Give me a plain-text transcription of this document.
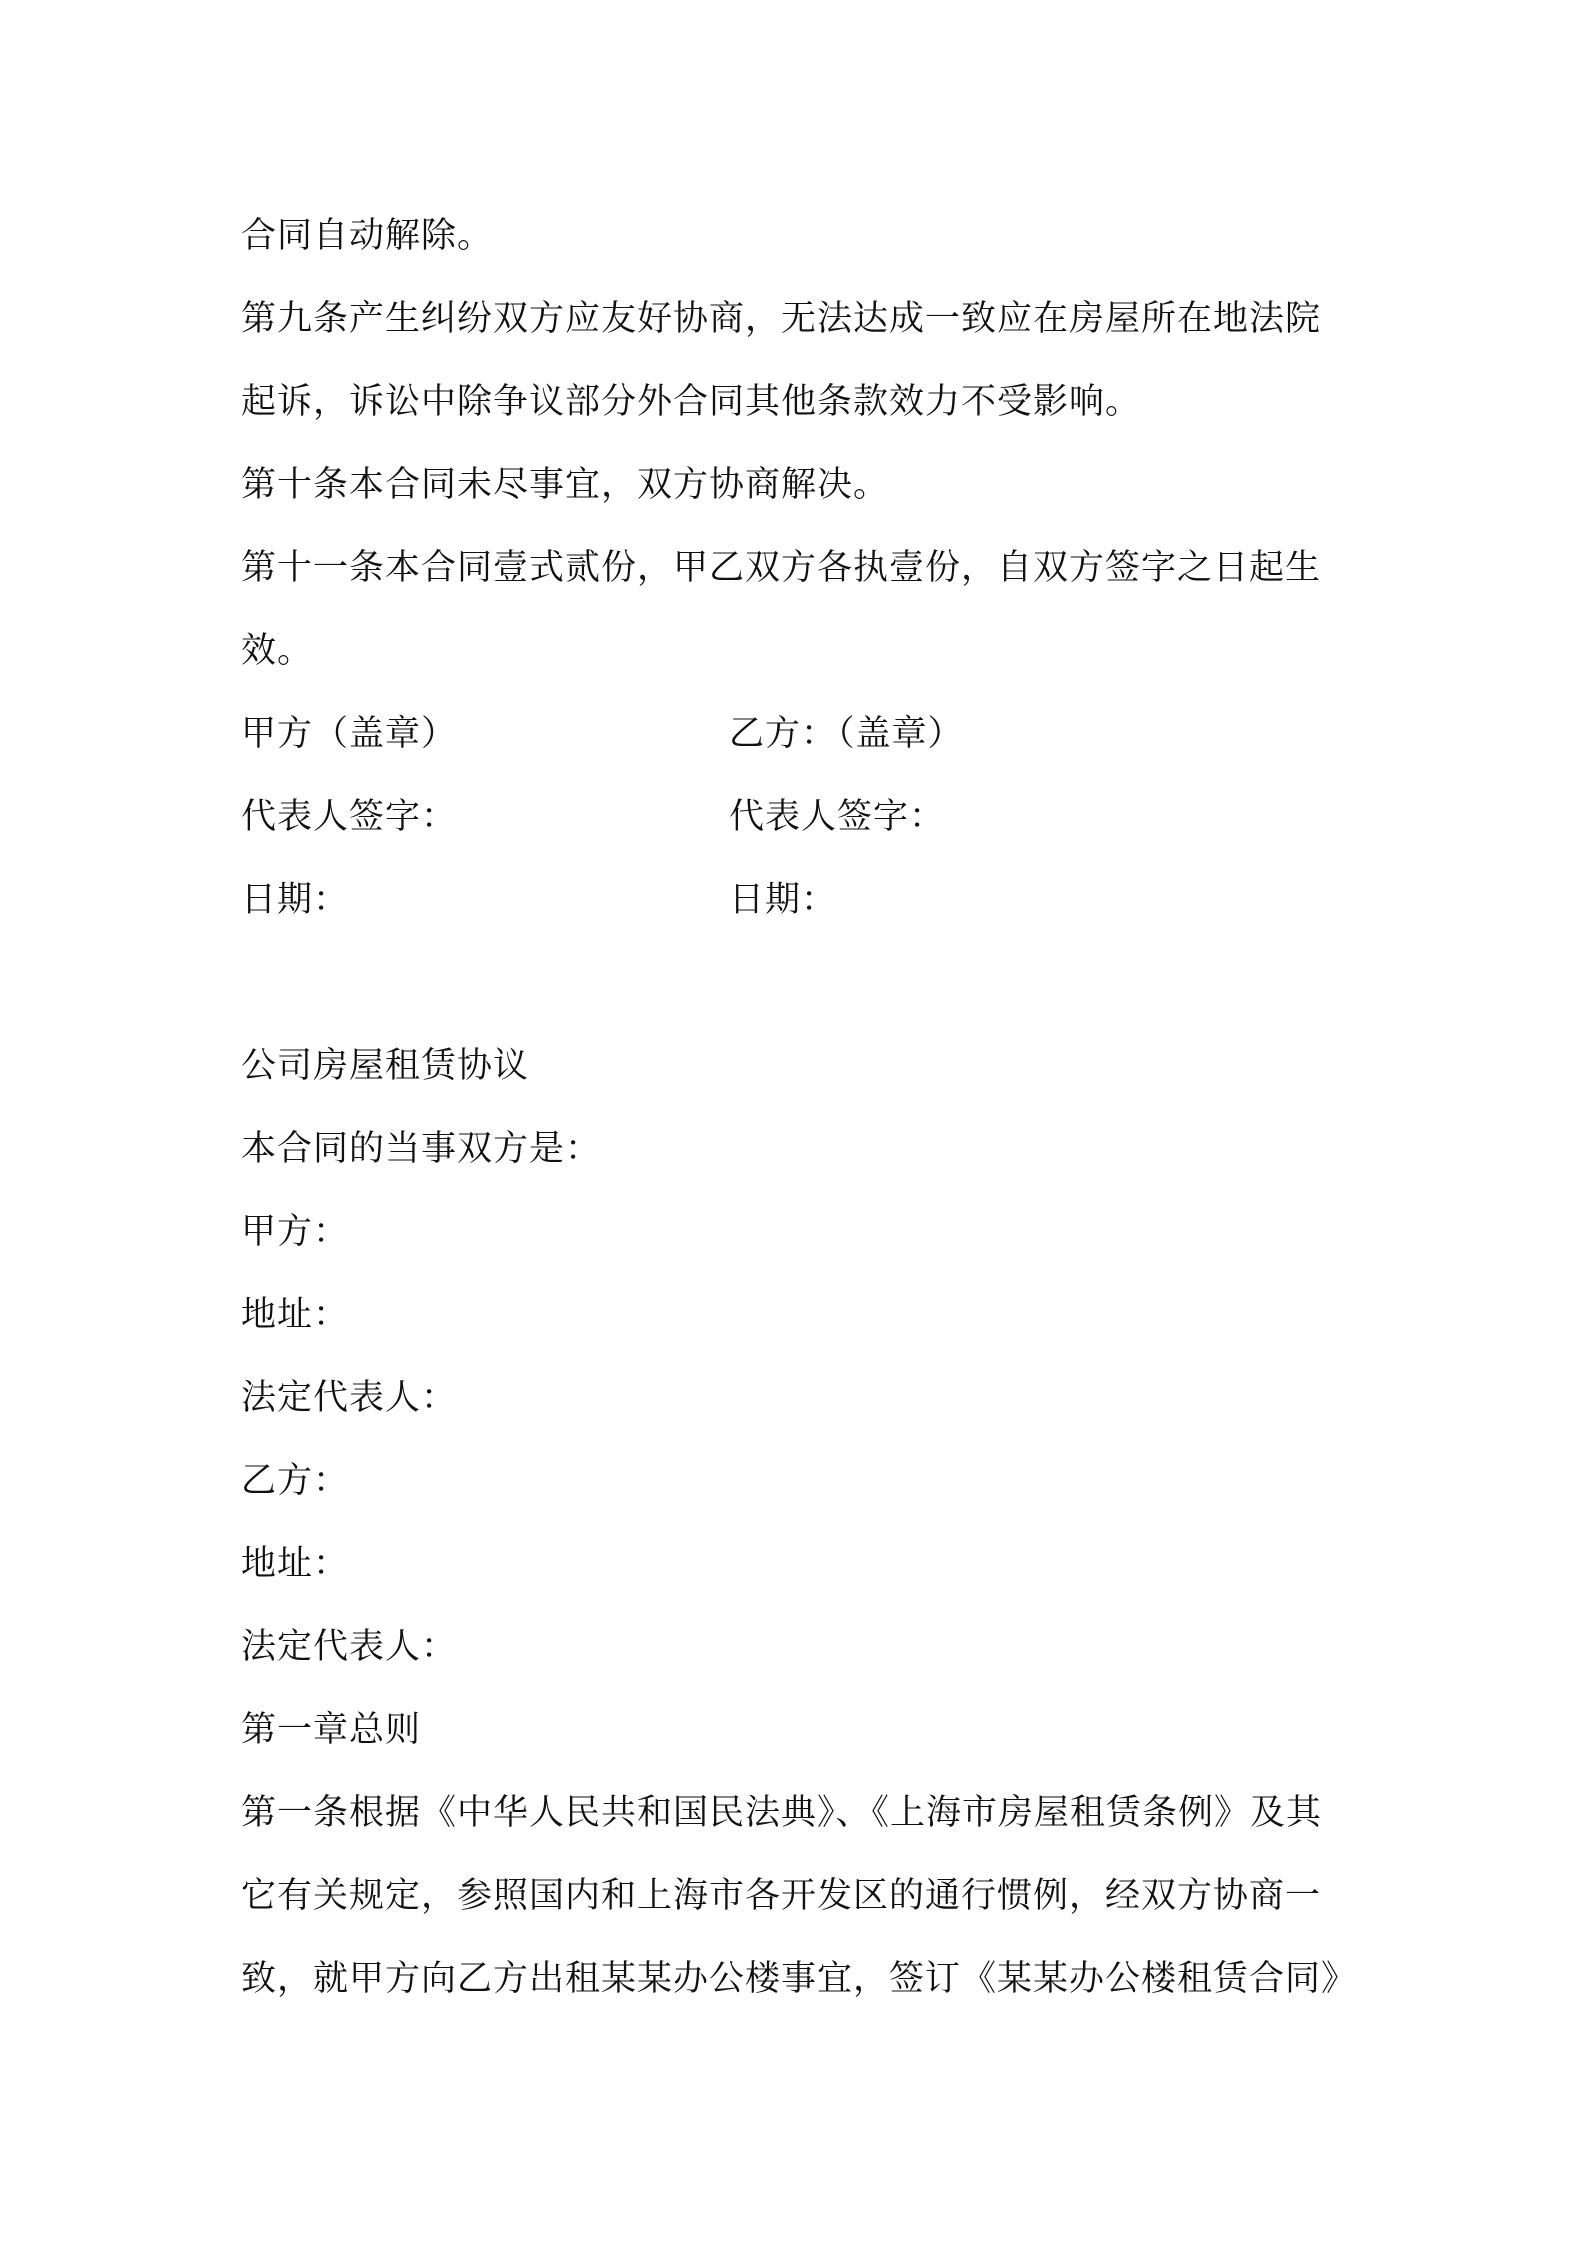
合同自动解除。
第九条产生纠纷双方应友好协商，无法达成一致应在房屋所在地法院
起诉，诉讼中除争议部分外合同其他条款效力不受影响。
第十条本合同未尽事宜，双方协商解决。
第十一条本合同壹式贰份，甲乙双方各执壹份，自双方签字之日起生
效。
甲方（盖章）	乙方：（盖章）
代表人签字：	代表人签字：
日期：	日期：
公司房屋租赁协议
本合同的当事双方是：
甲方：
地址：
法定代表人：
乙方：
地址：
法定代表人：
第一章总则
第一条根据《中华人民共和国民法典》、《上海市房屋租赁条例》及其
它有关规定，参照国内和上海市各开发区的通行惯例，经双方协商一
致，就甲方向乙方出租某某办公楼事宜，签订《某某办公楼租赁合同》
